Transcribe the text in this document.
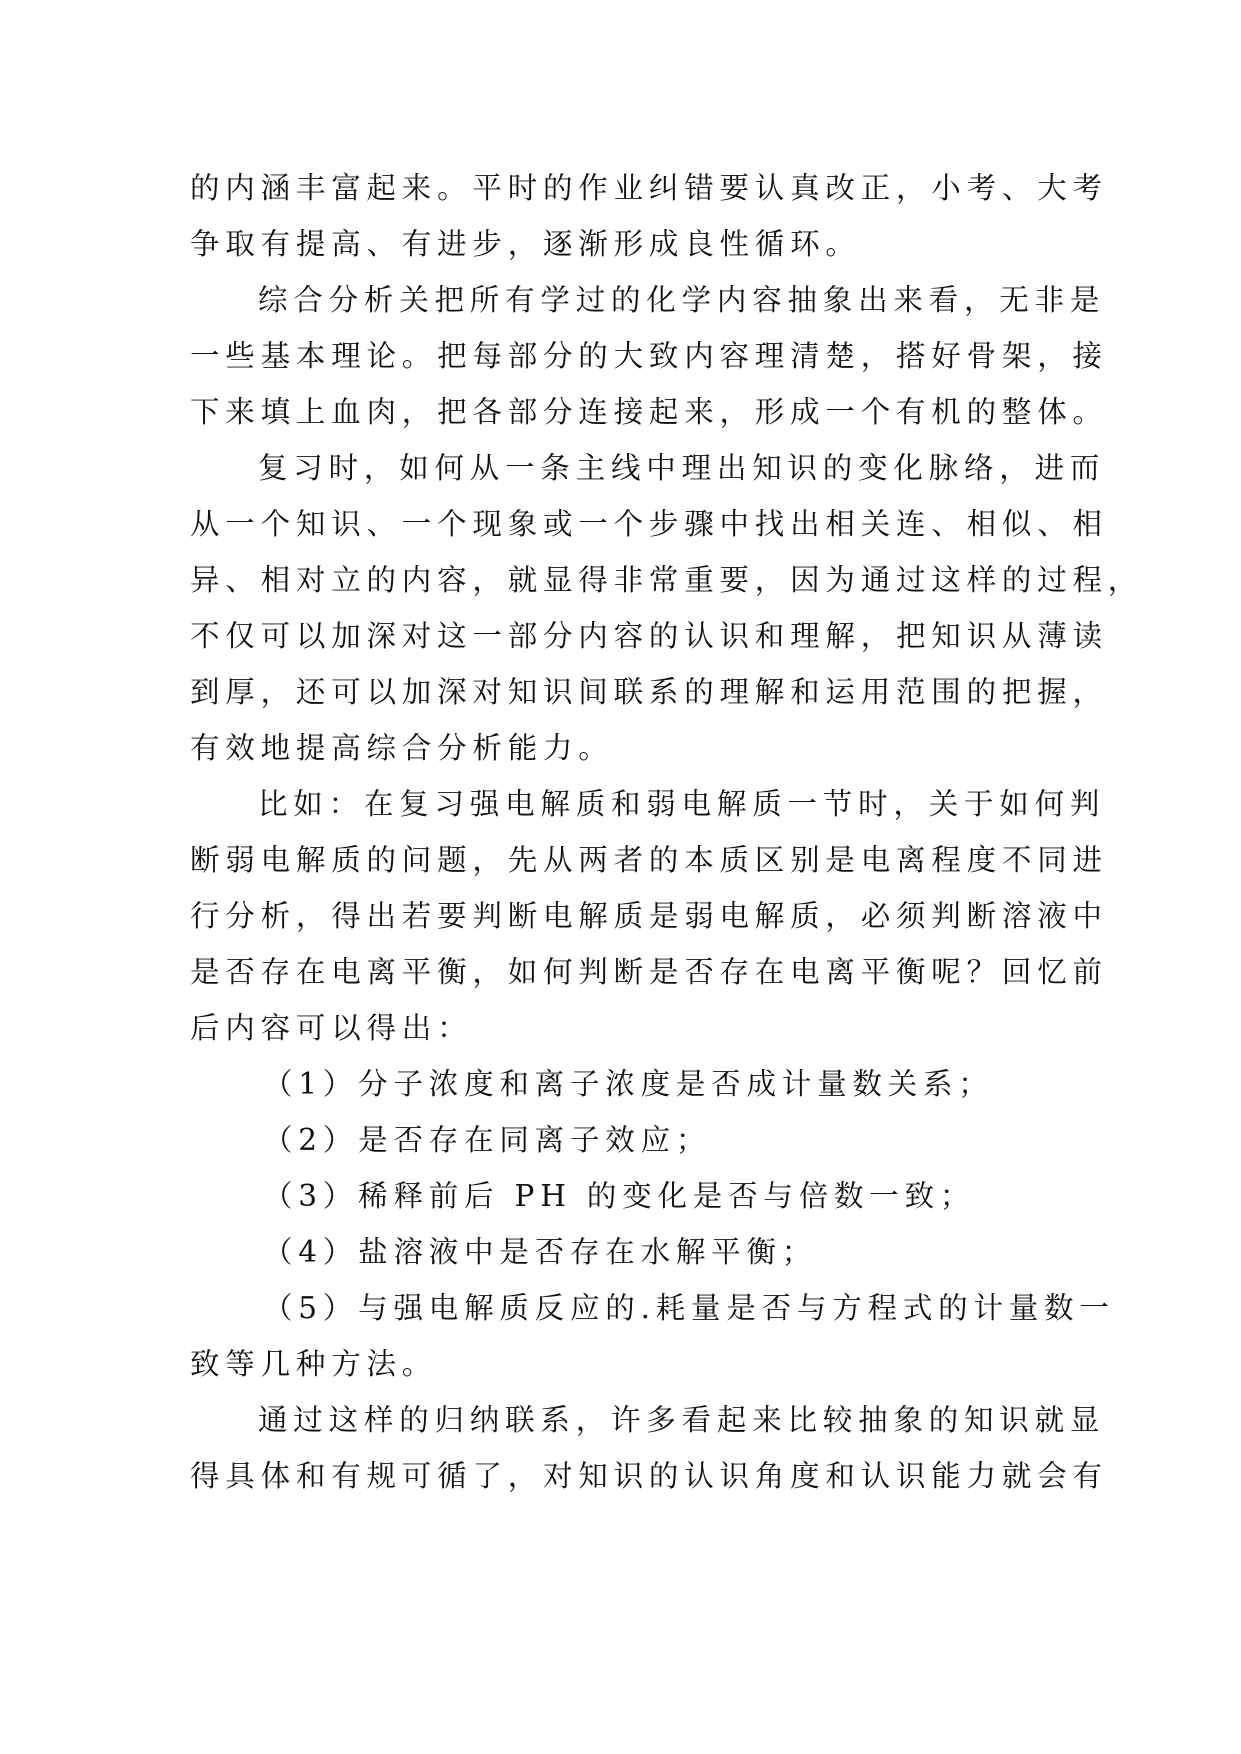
的内涵丰富起来。平时的作业纠错要认真改正，小考、大考
争取有提高、有进步，逐渐形成良性循环。
综合分析关把所有学过的化学内容抽象出来看，无非是
一些基本理论。把每部分的大致内容理清楚，搭好骨架，接
下来填上血肉，把各部分连接起来，形成一个有机的整体。
复习时，如何从一条主线中理出知识的变化脉络，进而
从一个知识、一个现象或一个步骤中找出相关连、相似、相
异、相对立的内容，就显得非常重要，因为通过这样的过程，
不仅可以加深对这一部分内容的认识和理解，把知识从薄读
到厚，还可以加深对知识间联系的理解和运用范围的把握，
有效地提高综合分析能力。
比如：在复习强电解质和弱电解质一节时，关于如何判
断弱电解质的问题，先从两者的本质区别是电离程度不同进
行分析，得出若要判断电解质是弱电解质，必须判断溶液中
是否存在电离平衡，如何判断是否存在电离平衡呢？回忆前
后内容可以得出：
（1）分子浓度和离子浓度是否成计量数关系；
（2）是否存在同离子效应；
（3）稀释前后 PH 的变化是否与倍数一致；
（4）盐溶液中是否存在水解平衡；
（5）与强电解质反应的.耗量是否与方程式的计量数一
致等几种方法。
通过这样的归纳联系，许多看起来比较抽象的知识就显
得具体和有规可循了，对知识的认识角度和认识能力就会有
